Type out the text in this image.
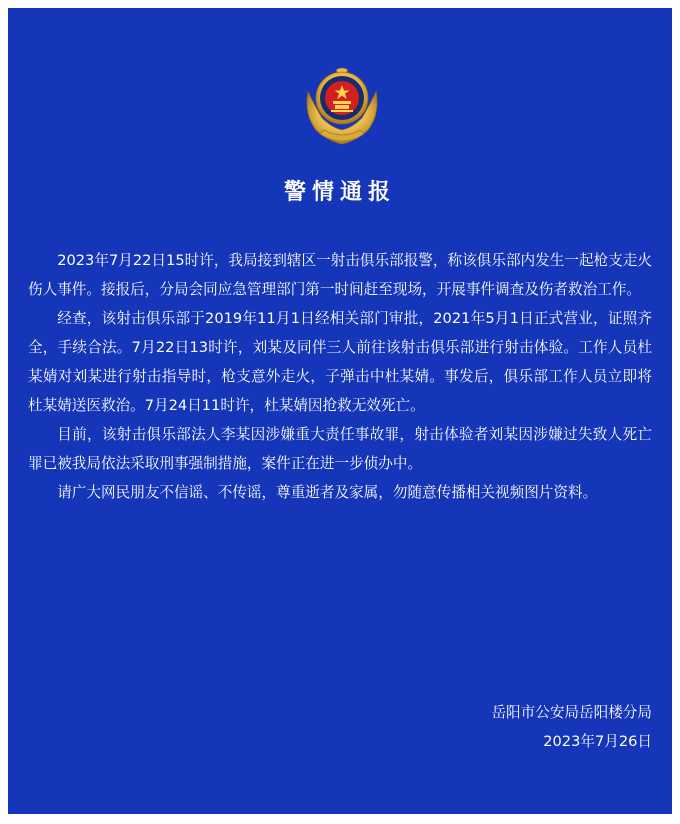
警情通报

2023年7月22日15时许，我局接到辖区一射击俱乐部报警，称该俱乐部内发生一起枪支走火伤人事件。接报后，分局会同应急管理部门第一时间赶至现场，开展事件调查及伤者救治工作。

经查，该射击俱乐部于2019年11月1日经相关部门审批，2021年5月1日正式营业，证照齐全，手续合法。7月22日13时许，刘某及同伴三人前往该射击俱乐部进行射击体验。工作人员杜某婧对刘某进行射击指导时，枪支意外走火，子弹击中杜某婧。事发后，俱乐部工作人员立即将杜某婧送医救治。7月24日11时许，杜某婧因抢救无效死亡。

目前，该射击俱乐部法人李某因涉嫌重大责任事故罪，射击体验者刘某因涉嫌过失致人死亡罪已被我局依法采取刑事强制措施，案件正在进一步侦办中。

请广大网民朋友不信谣、不传谣，尊重逝者及家属，勿随意传播相关视频图片资料。

岳阳市公安局岳阳楼分局
2023年7月26日
